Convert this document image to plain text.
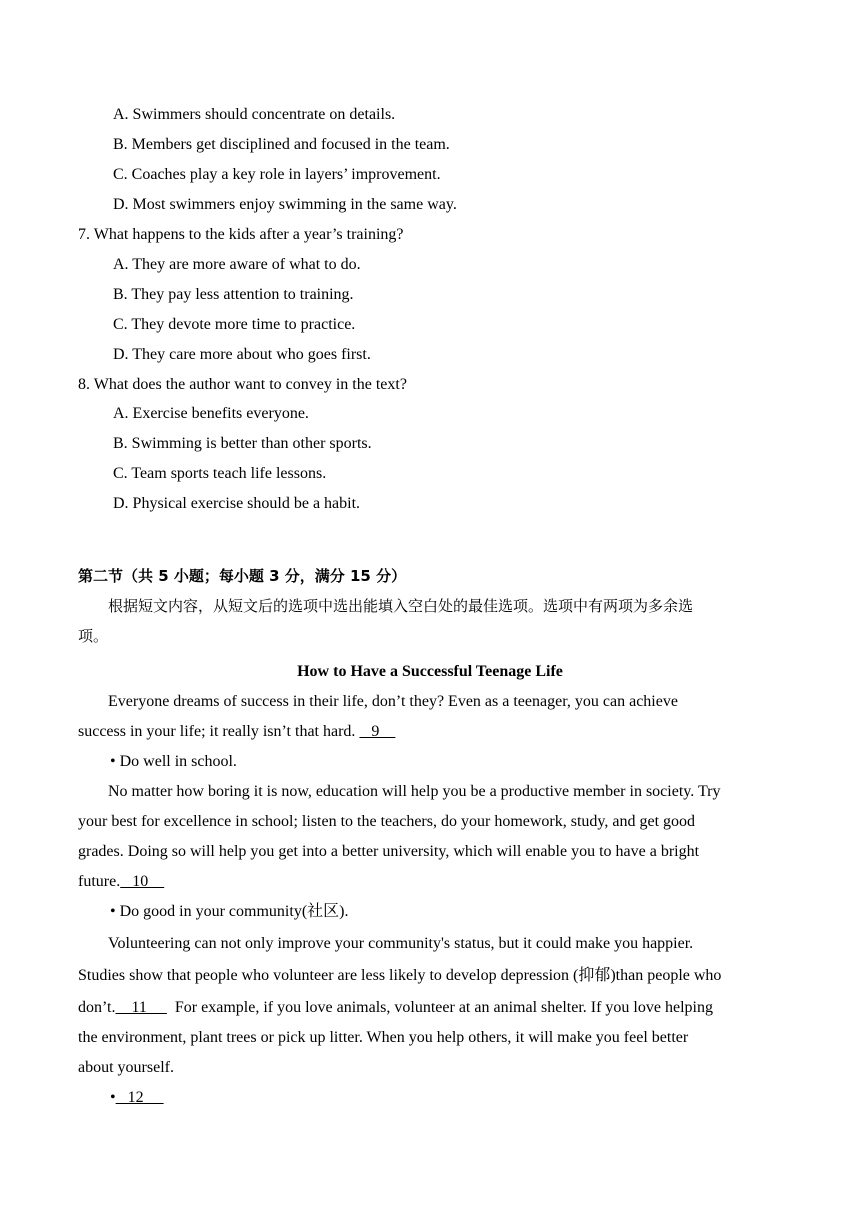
A. Swimmers should concentrate on details.
B. Members get disciplined and focused in the team.
C. Coaches play a key role in layers’ improvement.
D. Most swimmers enjoy swimming in the same way.
7. What happens to the kids after a year’s training?
A. They are more aware of what to do.
B. They pay less attention to training.
C. They devote more time to practice.
D. They care more about who goes first.
8. What does the author want to convey in the text?
A. Exercise benefits everyone.
B. Swimming is better than other sports.
C. Team sports teach life lessons.
D. Physical exercise should be a habit.
第二节（共 5 小题；每小题 3 分，满分 15 分）
根据短文内容，从短文后的选项中选出能填入空白处的最佳选项。选项中有两项为多余选
项。
How to Have a Successful Teenage Life
Everyone dreams of success in their life, don’t they? Even as a teenager, you can achieve
success in your life; it really isn’t that hard.    9
• Do well in school.
No matter how boring it is now, education will help you be a productive member in society. Try
your best for excellence in school; listen to the teachers, do your homework, study, and get good
grades. Doing so will help you get into a better university, which will enable you to have a bright
future.   10
• Do good in your community(社区).
Volunteering can not only improve your community's status, but it could make you happier.
Studies show that people who volunteer are less likely to develop depression (抑郁)than people who
don’t.    11       For example, if you love animals, volunteer at an animal shelter. If you love helping
the environment, plant trees or pick up litter. When you help others, it will make you feel better
about yourself.
•   12
